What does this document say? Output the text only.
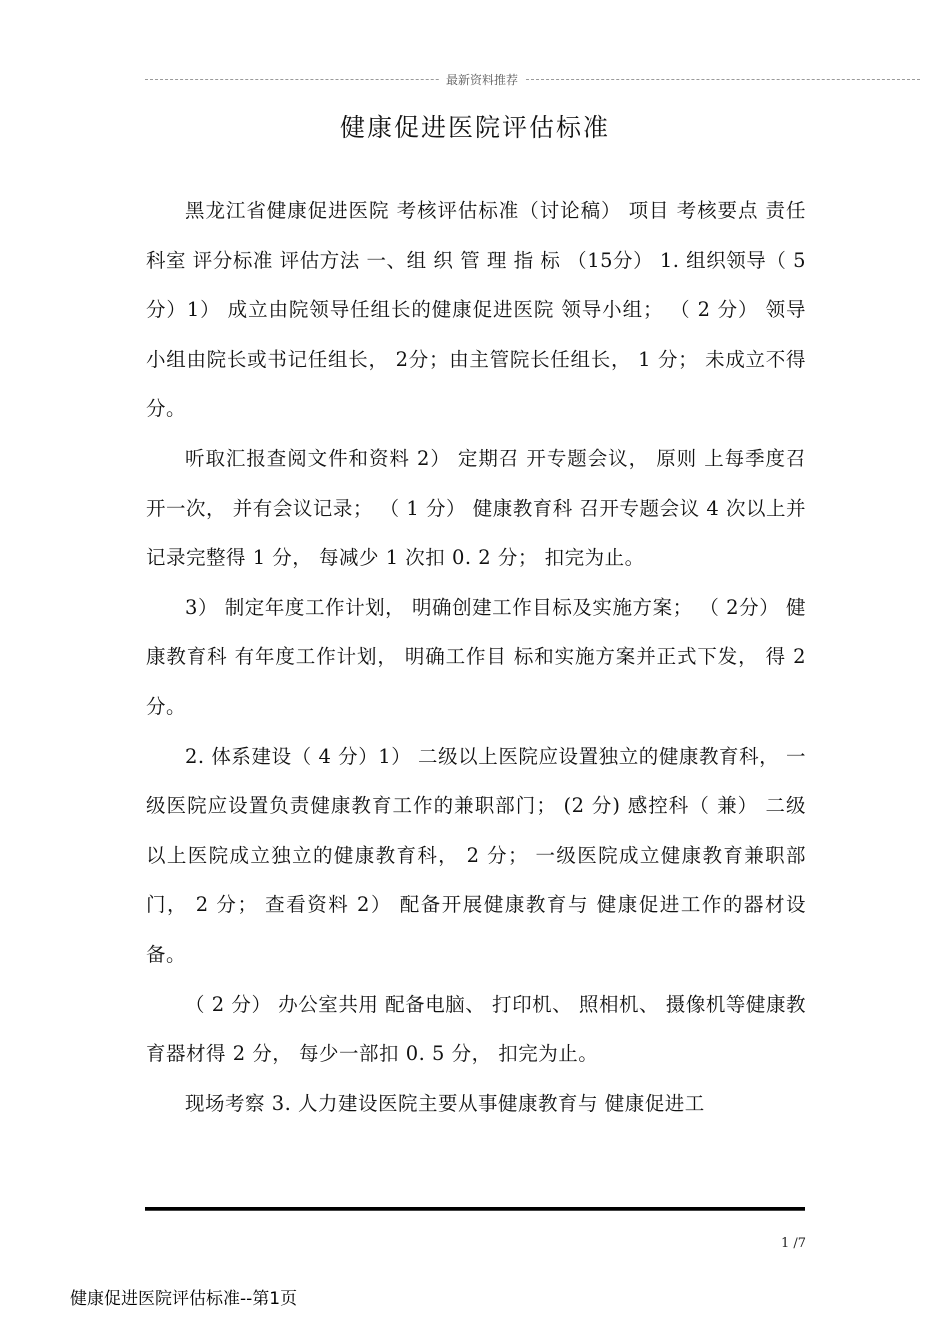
最新资料推荐
健康促进医院评估标准

黑龙江省健康促进医院 考核评估标准（讨论稿） 项目 考核要点 责任科室 评分标准 评估方法 一、组 织 管 理 指 标 （15分） 1. 组织领导（ 5 分）1） 成立由院领导任组长的健康促进医院 领导小组； （ 2 分） 领导小组由院长或书记任组长， 2分；由主管院长任组长， 1 分； 未成立不得分。

听取汇报查阅文件和资料 2） 定期召 开专题会议， 原则 上每季度召开一次， 并有会议记录； （ 1 分） 健康教育科 召开专题会议 4 次以上并记录完整得 1 分， 每减少 1 次扣 0. 2 分； 扣完为止。

3） 制定年度工作计划， 明确创建工作目标及实施方案； （ 2分） 健康教育科 有年度工作计划， 明确工作目 标和实施方案并正式下发， 得 2 分。

2. 体系建设（ 4 分）1） 二级以上医院应设置独立的健康教育科， 一级医院应设置负责健康教育工作的兼职部门； (2 分) 感控科（ 兼） 二级以上医院成立独立的健康教育科， 2 分； 一级医院成立健康教育兼职部门， 2 分； 查看资料 2） 配备开展健康教育与 健康促进工作的器材设备。

（ 2 分） 办公室共用 配备电脑、 打印机、 照相机、 摄像机等健康教育器材得 2 分， 每少一部扣 0. 5 分， 扣完为止。

现场考察 3. 人力建设医院主要从事健康教育与 健康促进工

1 /7
健康促进医院评估标准--第1页
